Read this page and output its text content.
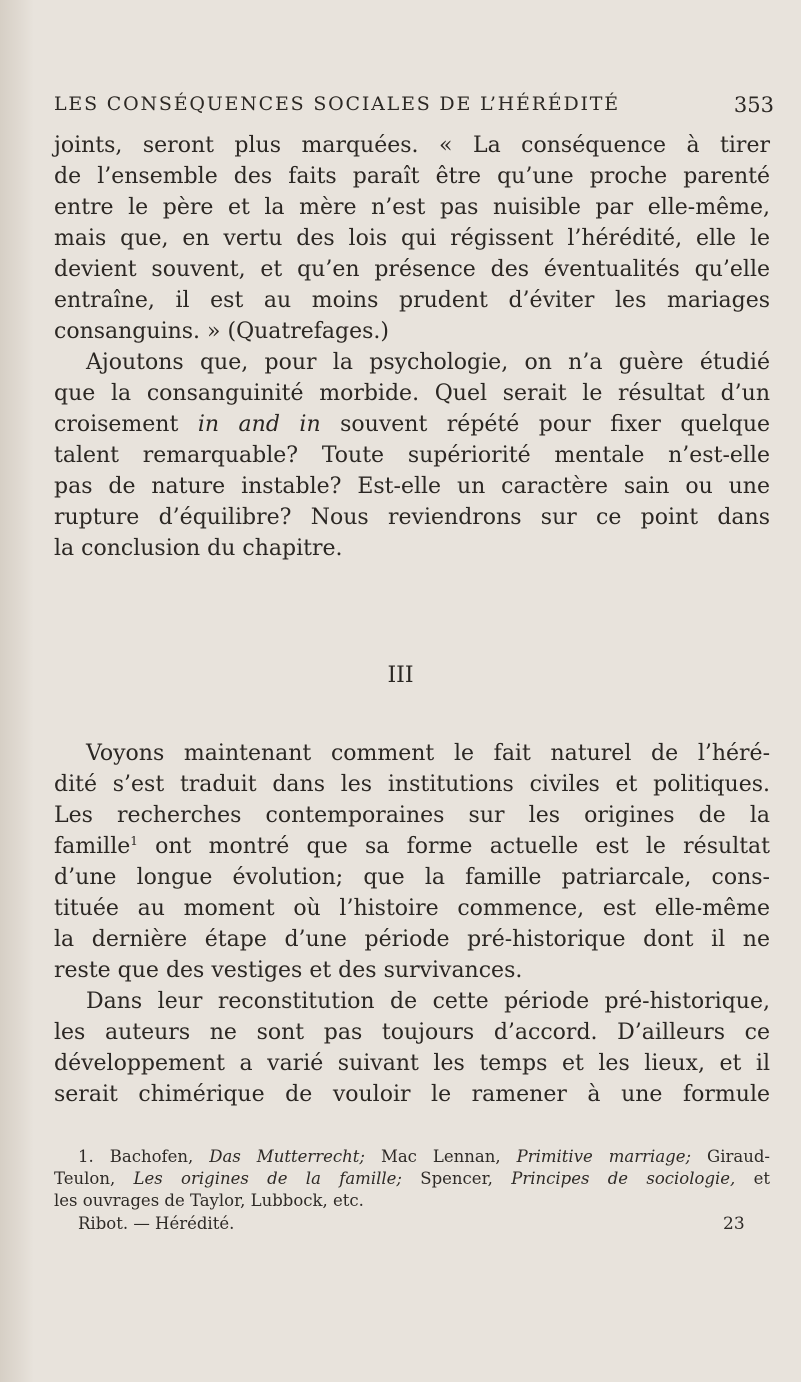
LES CONSÉQUENCES SOCIALES DE L’HÉRÉDITÉ	353
joints, seront plus marquées. « La conséquence à tirer
de l’ensemble des faits paraît être qu’une proche parenté
entre le père et la mère n’est pas nuisible par elle-même,
mais que, en vertu des lois qui régissent l’hérédité, elle le
devient souvent, et qu’en présence des éventualités qu’elle
entraîne, il est au moins prudent d’éviter les mariages
consanguins. » (Quatrefages.)
Ajoutons que, pour la psychologie, on n’a guère étudié
que la consanguinité morbide. Quel serait le résultat d’un
croisement in and in souvent répété pour fixer quelque
talent remarquable? Toute supériorité mentale n’est-elle
pas de nature instable? Est-elle un caractère sain ou une
rupture d’équilibre? Nous reviendrons sur ce point dans
la conclusion du chapitre.
III
Voyons maintenant comment le fait naturel de l’héré-
dité s’est traduit dans les institutions civiles et politiques.
Les recherches contemporaines sur les origines de la
famille$^1$ ont montré que sa forme actuelle est le résultat
d’une longue évolution; que la famille patriarcale, cons-
tituée au moment où l’histoire commence, est elle-même
la dernière étape d’une période pré-historique dont il ne
reste que des vestiges et des survivances.
Dans leur reconstitution de cette période pré-historique,
les auteurs ne sont pas toujours d’accord. D’ailleurs ce
développement a varié suivant les temps et les lieux, et il
serait chimérique de vouloir le ramener à une formule
1. Bachofen, Das Mutterrecht; Mac Lennan, Primitive marriage; Giraud-
Teulon, Les origines de la famille; Spencer, Principes de sociologie, et
les ouvrages de Taylor, Lubbock, etc.
Ribot. — Hérédité.	23
